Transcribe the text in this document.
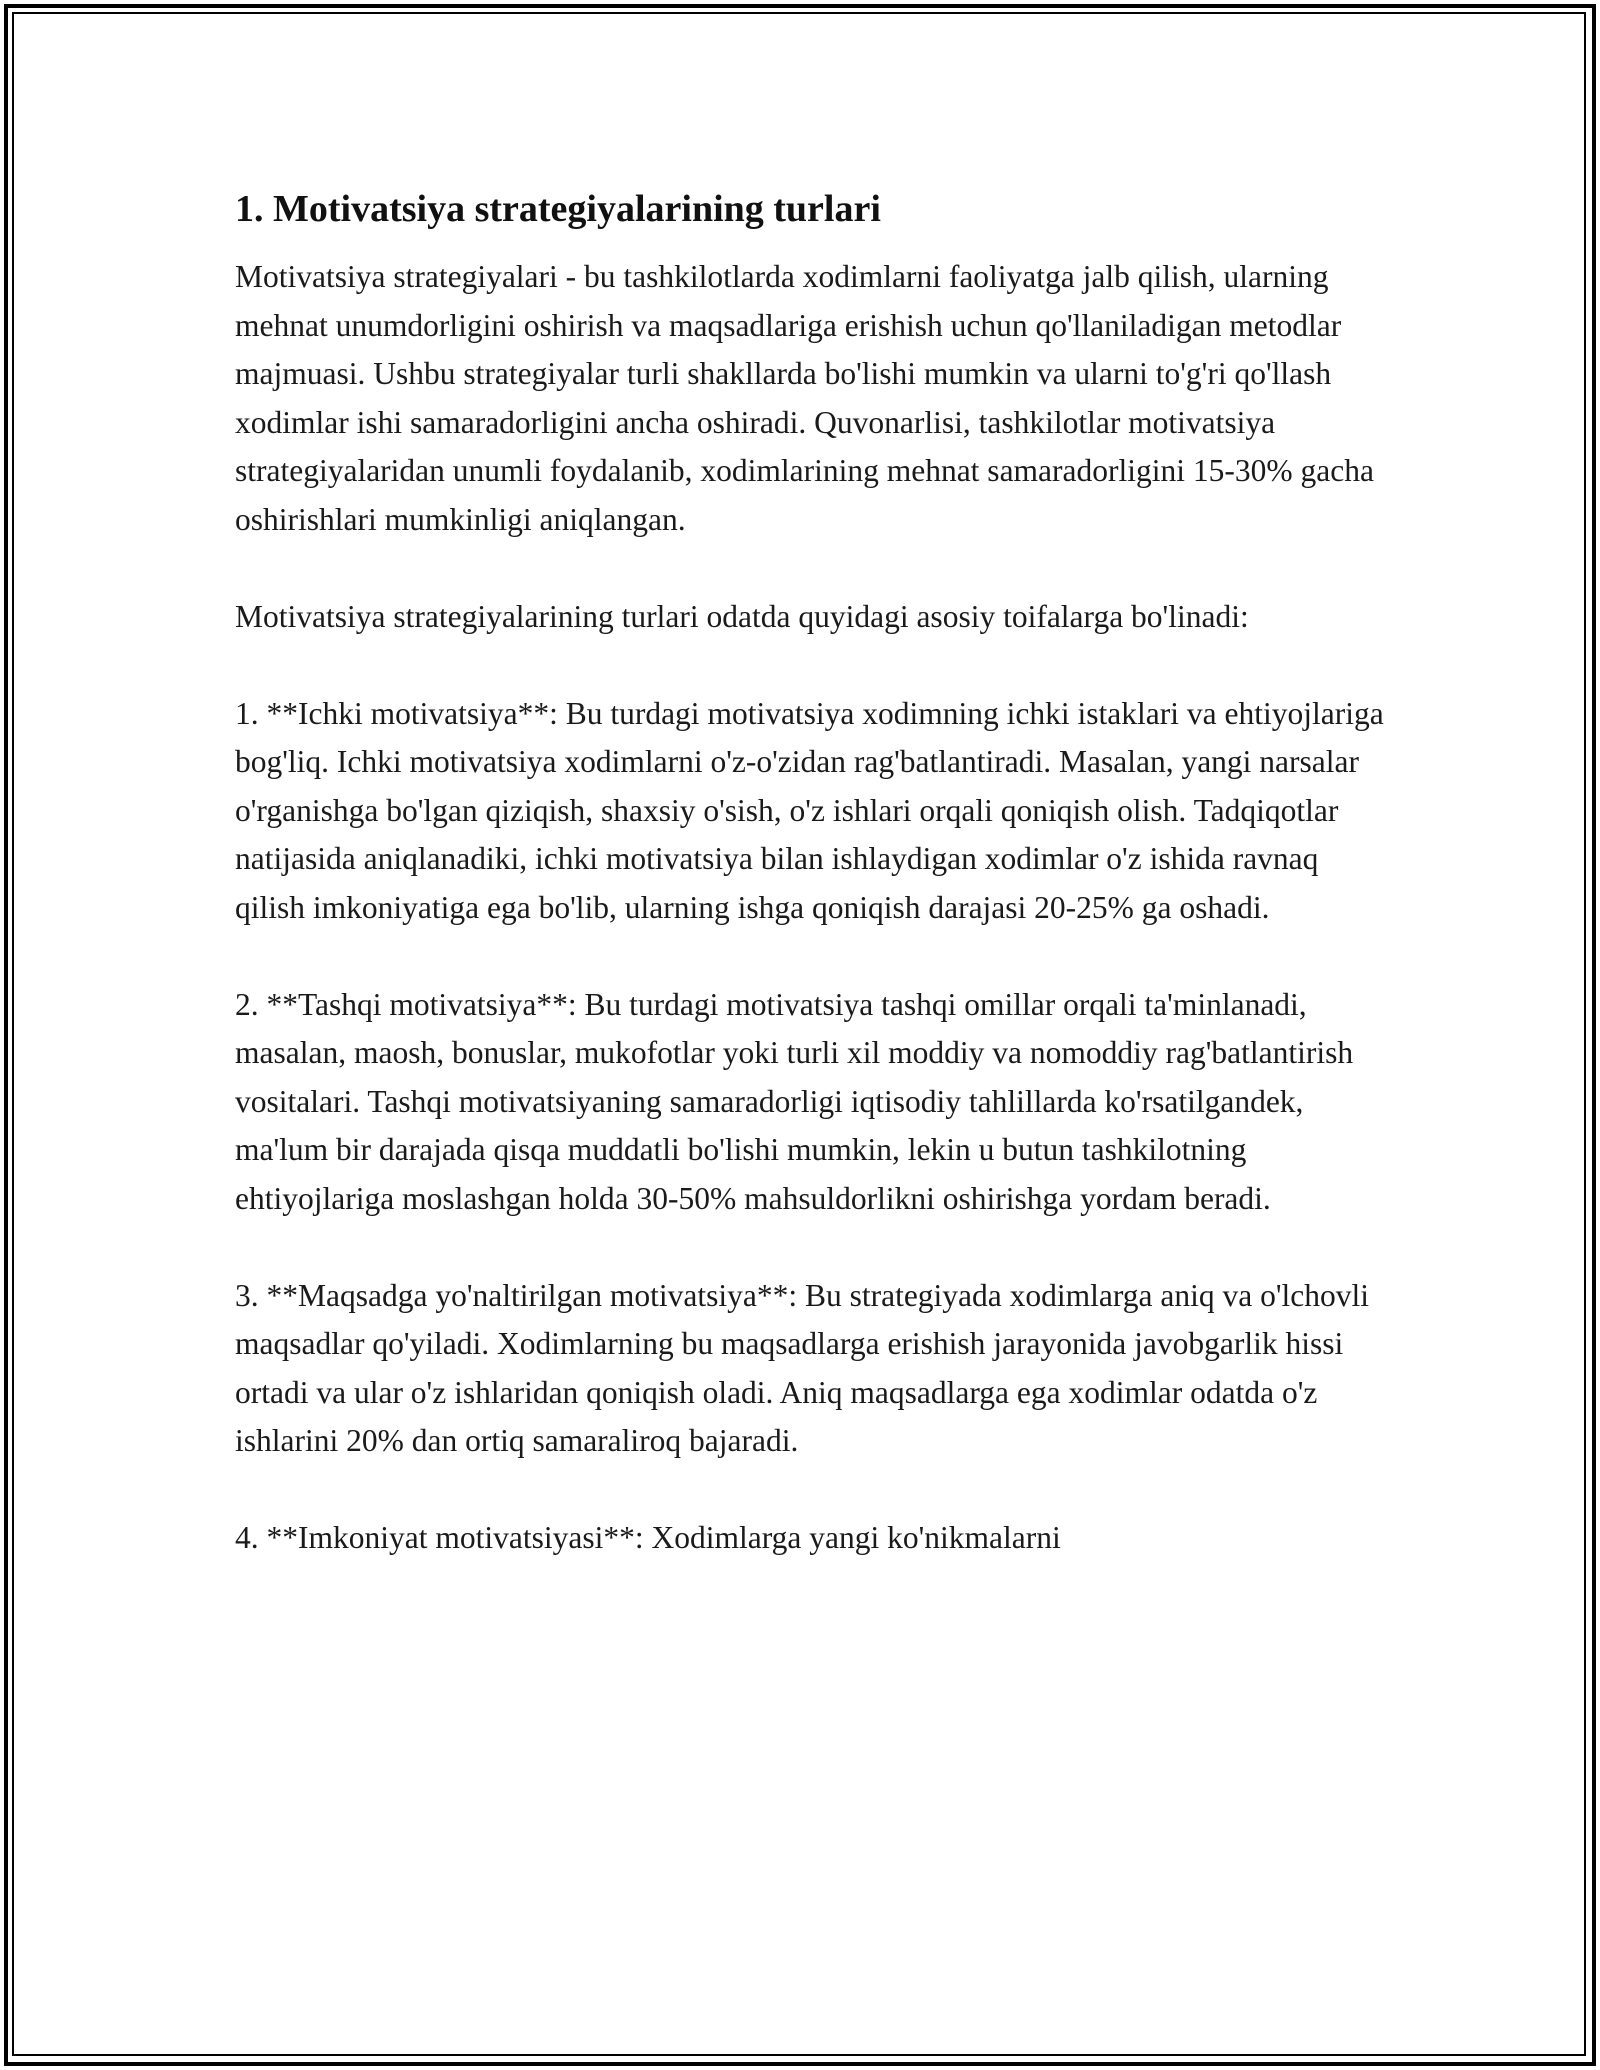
1. Motivatsiya strategiyalarining turlari

Motivatsiya strategiyalari - bu tashkilotlarda xodimlarni faoliyatga jalb qilish, ularning mehnat unumdorligini oshirish va maqsadlariga erishish uchun qo'llaniladigan metodlar majmuasi. Ushbu strategiyalar turli shakllarda bo'lishi mumkin va ularni to'g'ri qo'llash xodimlar ishi samaradorligini ancha oshiradi. Quvonarlisi, tashkilotlar motivatsiya strategiyalaridan unumli foydalanib, xodimlarining mehnat samaradorligini 15-30% gacha oshirishlari mumkinligi aniqlangan.

Motivatsiya strategiyalarining turlari odatda quyidagi asosiy toifalarga bo'linadi:

1. **Ichki motivatsiya**: Bu turdagi motivatsiya xodimning ichki istaklari va ehtiyojlariga bog'liq. Ichki motivatsiya xodimlarni o'z-o'zidan rag'batlantiradi. Masalan, yangi narsalar o'rganishga bo'lgan qiziqish, shaxsiy o'sish, o'z ishlari orqali qoniqish olish. Tadqiqotlar natijasida aniqlanadiki, ichki motivatsiya bilan ishlaydigan xodimlar o'z ishida ravnaq qilish imkoniyatiga ega bo'lib, ularning ishga qoniqish darajasi 20-25% ga oshadi.

2. **Tashqi motivatsiya**: Bu turdagi motivatsiya tashqi omillar orqali ta'minlanadi, masalan, maosh, bonuslar, mukofotlar yoki turli xil moddiy va nomoddiy rag'batlantirish vositalari. Tashqi motivatsiyaning samaradorligi iqtisodiy tahlillarda ko'rsatilgandek, ma'lum bir darajada qisqa muddatli bo'lishi mumkin, lekin u butun tashkilotning ehtiyojlariga moslashgan holda 30-50% mahsuldorlikni oshirishga yordam beradi.

3. **Maqsadga yo'naltirilgan motivatsiya**: Bu strategiyada xodimlarga aniq va o'lchovli maqsadlar qo'yiladi. Xodimlarning bu maqsadlarga erishish jarayonida javobgarlik hissi ortadi va ular o'z ishlaridan qoniqish oladi. Aniq maqsadlarga ega xodimlar odatda o'z ishlarini 20% dan ortiq samaraliroq bajaradi.

4. **Imkoniyat motivatsiyasi**: Xodimlarga yangi ko'nikmalarni
